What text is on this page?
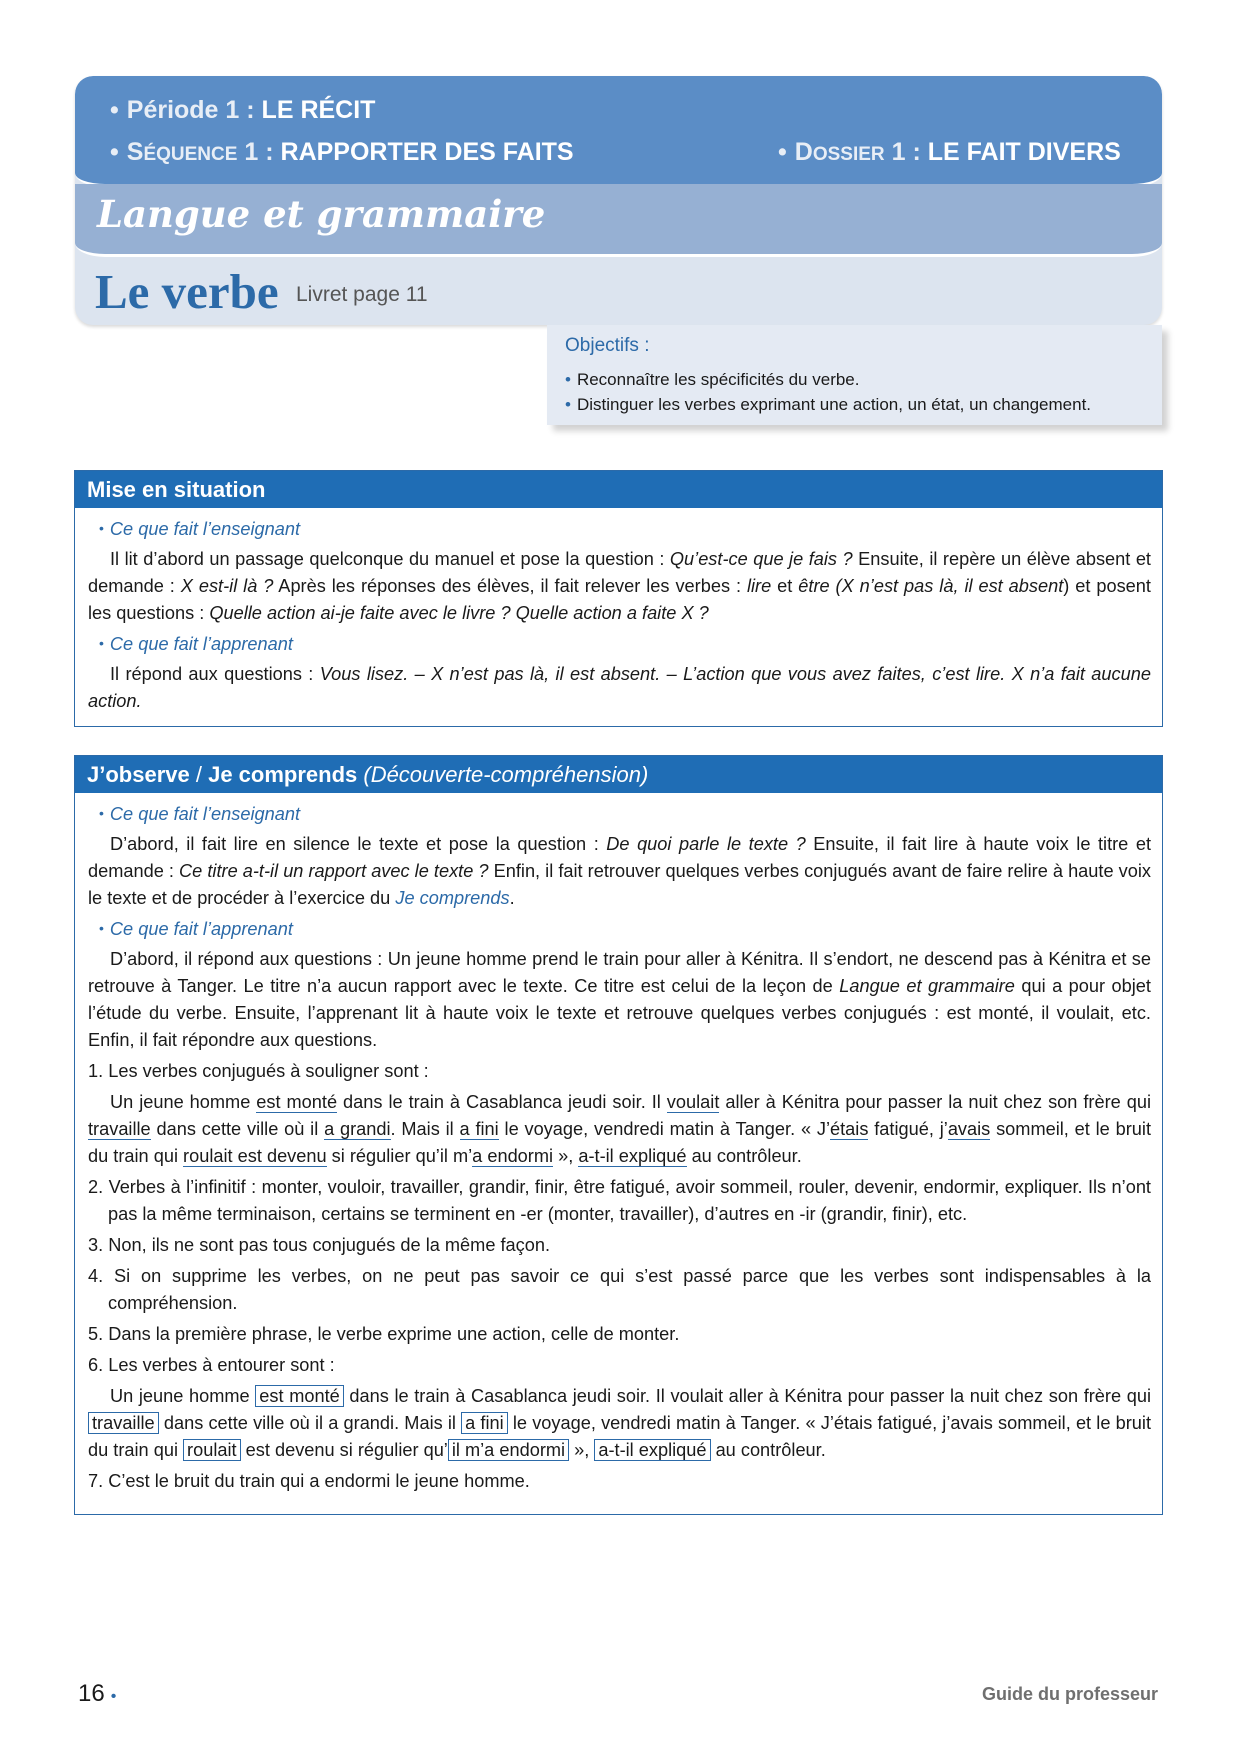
• Période 1 : LE RÉCIT
• SÉQUENCE 1 : RAPPORTER DES FAITS	• DOSSIER 1 : LE FAIT DIVERS
Langue et grammaire
Le verbe Livret page 11
Objectifs :
• Reconnaître les spécificités du verbe.
• Distinguer les verbes exprimant une action, un état, un changement.
Mise en situation
• Ce que fait l’enseignant

Il lit d’abord un passage quelconque du manuel et pose la question : Qu’est-ce que je fais ? Ensuite, il repère un élève absent et demande : X est-il là ? Après les réponses des élèves, il fait relever les verbes : lire et être (X n’est pas là, il est absent) et posent les questions : Quelle action ai-je faite avec le livre ? Quelle action a faite X ?

• Ce que fait l’apprenant

Il répond aux questions : Vous lisez. – X n’est pas là, il est absent. – L’action que vous avez faites, c’est lire. X n’a fait aucune action.

J’observe / Je comprends (Découverte-compréhension)
• Ce que fait l’enseignant

D’abord, il fait lire en silence le texte et pose la question : De quoi parle le texte ? Ensuite, il fait lire à haute voix le titre et demande : Ce titre a-t-il un rapport avec le texte ? Enfin, il fait retrouver quelques verbes conjugués avant de faire relire à haute voix le texte et de procéder à l’exercice du Je comprends.

• Ce que fait l’apprenant

D’abord, il répond aux questions : Un jeune homme prend le train pour aller à Kénitra. Il s’endort, ne descend pas à Kénitra et se retrouve à Tanger. Le titre n’a aucun rapport avec le texte. Ce titre est celui de la leçon de Langue et grammaire qui a pour objet l’étude du verbe. Ensuite, l’apprenant lit à haute voix le texte et retrouve quelques verbes conjugués : est monté, il voulait, etc. Enfin, il fait répondre aux questions.

1. Les verbes conjugués à souligner sont :

Un jeune homme est monté dans le train à Casablanca jeudi soir. Il voulait aller à Kénitra pour passer la nuit chez son frère qui travaille dans cette ville où il a grandi. Mais il a fini le voyage, vendredi matin à Tanger. « J’étais fatigué, j’avais sommeil, et le bruit du train qui roulait est devenu si régulier qu’il m’a endormi », a-t-il expliqué au contrôleur.

2. Verbes à l’infinitif : monter, vouloir, travailler, grandir, finir, être fatigué, avoir sommeil, rouler, devenir, endormir, expliquer. Ils n’ont pas la même terminaison, certains se terminent en -er (monter, travailler), d’autres en -ir (grandir, finir), etc.

3. Non, ils ne sont pas tous conjugués de la même façon.

4. Si on supprime les verbes, on ne peut pas savoir ce qui s’est passé parce que les verbes sont indispensables à la compréhension.

5. Dans la première phrase, le verbe exprime une action, celle de monter.

6. Les verbes à entourer sont :

Un jeune homme est monté dans le train à Casablanca jeudi soir. Il voulait aller à Kénitra pour passer la nuit chez son frère qui travaille dans cette ville où il a grandi. Mais il a fini le voyage, vendredi matin à Tanger. « J’étais fatigué, j’avais sommeil, et le bruit du train qui roulait est devenu si régulier qu’ il m’a endormi », a-t-il expliqué au contrôleur.

7. C’est le bruit du train qui a endormi le jeune homme.

16 •	Guide du professeur
